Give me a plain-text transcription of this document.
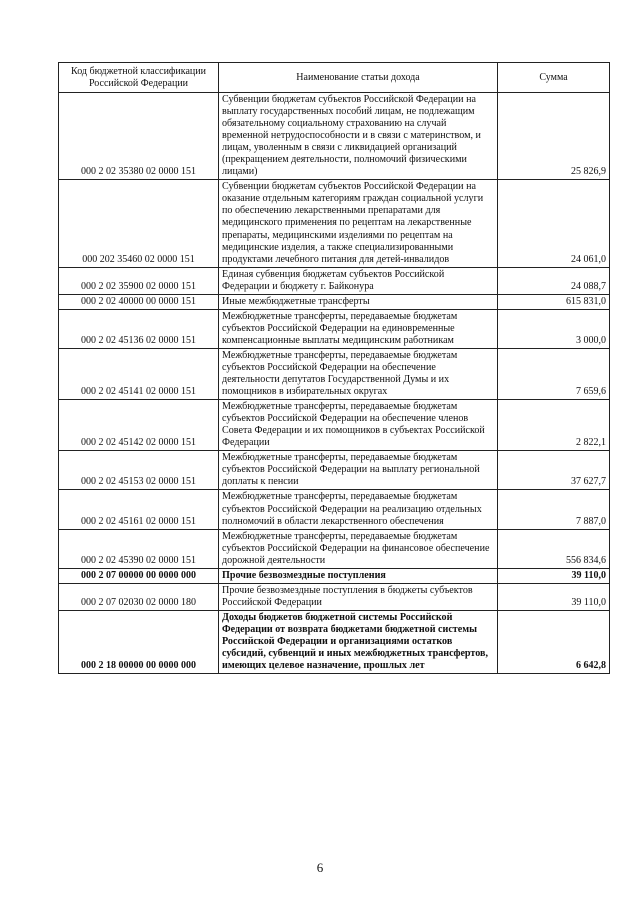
Код бюджетной классификации Российской Федерации	Наименование статьи дохода	Сумма
000 2 02 35380 02 0000 151	Субвенции бюджетам субъектов Российской Федерации на выплату государственных пособий лицам, не подлежащим обязательному социальному страхованию на случай временной нетрудоспособности и в связи с материнством, и лицам, уволенным в связи с ликвидацией организаций (прекращением деятельности, полномочий физическими лицами)	25 826,9
000 202 35460 02 0000 151	Субвенции бюджетам субъектов Российской Федерации на оказание отдельным категориям граждан социальной услуги по обеспечению лекарственными препаратами для медицинского применения по рецептам на лекарственные препараты, медицинскими изделиями по рецептам на медицинские изделия, а также специализированными продуктами лечебного питания для детей-инвалидов	24 061,0
000 2 02 35900 02 0000 151	Единая субвенция бюджетам субъектов Российской Федерации и бюджету г. Байконура	24 088,7
000 2 02 40000 00 0000 151	Иные межбюджетные трансферты	615 831,0
000 2 02 45136 02 0000 151	Межбюджетные трансферты, передаваемые бюджетам субъектов Российской Федерации на единовременные компенсационные выплаты медицинским работникам	3 000,0
000 2 02 45141 02 0000 151	Межбюджетные трансферты, передаваемые бюджетам субъектов Российской Федерации на обеспечение деятельности депутатов Государственной Думы и их помощников в избирательных округах	7 659,6
000 2 02 45142 02 0000 151	Межбюджетные трансферты, передаваемые бюджетам субъектов Российской Федерации на обеспечение членов Совета Федерации и их помощников в субъектах Российской Федерации	2 822,1
000 2 02 45153 02 0000 151	Межбюджетные трансферты, передаваемые бюджетам субъектов Российской Федерации на выплату региональной доплаты к пенсии	37 627,7
000 2 02 45161 02 0000 151	Межбюджетные трансферты, передаваемые бюджетам субъектов Российской Федерации на реализацию отдельных полномочий в области лекарственного обеспечения	7 887,0
000 2 02 45390 02 0000 151	Межбюджетные трансферты, передаваемые бюджетам субъектов Российской Федерации на финансовое обеспечение дорожной деятельности	556 834,6
000 2 07 00000 00 0000 000	Прочие безвозмездные поступления	39 110,0
000 2 07 02030 02 0000 180	Прочие безвозмездные поступления в бюджеты субъектов Российской Федерации	39 110,0
000 2 18 00000 00 0000 000	Доходы бюджетов бюджетной системы Российской Федерации от возврата бюджетами бюджетной системы Российской Федерации и организациями остатков субсидий, субвенций и иных межбюджетных трансфертов, имеющих целевое назначение, прошлых лет	6 642,8
6
